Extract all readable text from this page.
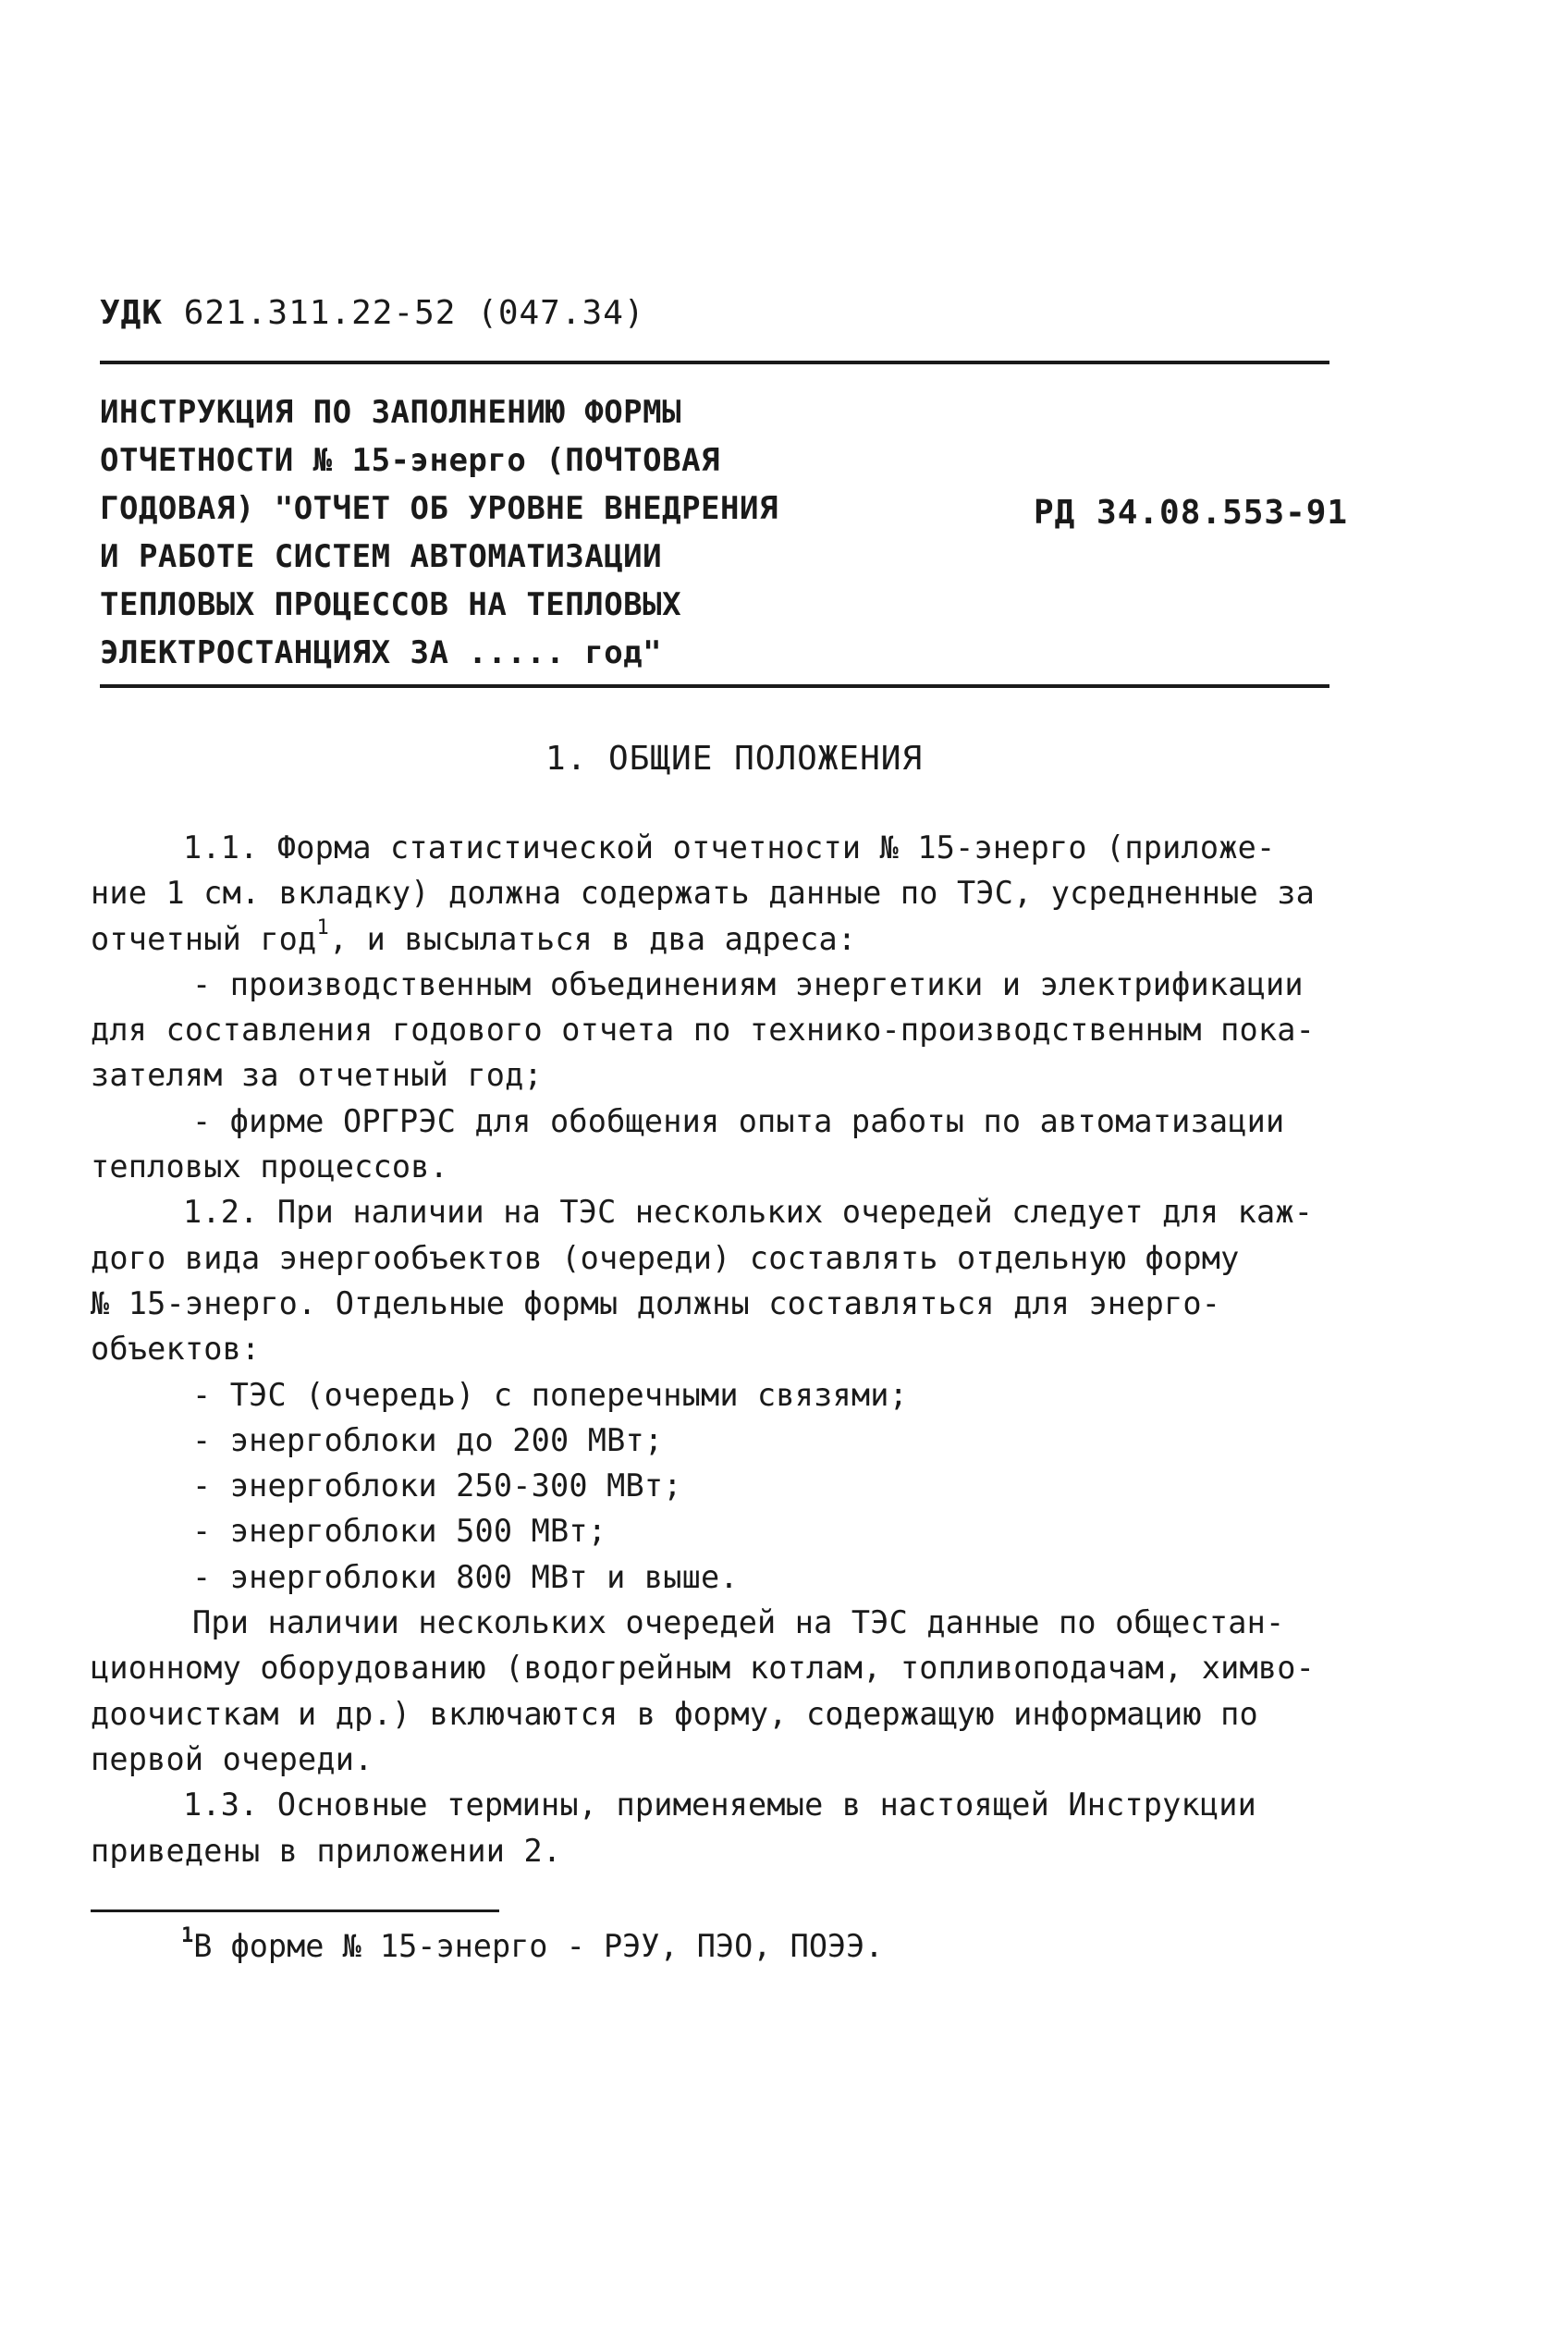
УДК 621.311.22-52 (047.34)
ИНСТРУКЦИЯ ПО ЗАПОЛНЕНИЮ ФОРМЫ
ОТЧЕТНОСТИ № 15-энерго (ПОЧТОВАЯ
ГОДОВАЯ) "ОТЧЕТ ОБ УРОВНЕ ВНЕДРЕНИЯ
И РАБОТЕ СИСТЕМ АВТОМАТИЗАЦИИ
ТЕПЛОВЫХ ПРОЦЕССОВ НА ТЕПЛОВЫХ
ЭЛЕКТРОСТАНЦИЯХ ЗА ..... год"
РД 34.08.553-91
1. ОБЩИЕ ПОЛОЖЕНИЯ
1.1. Форма статистической отчетности № 15-энерго (приложе-
ние 1 см. вкладку) должна содержать данные по ТЭС, усредненные за
отчетный год$^1$, и высылаться в два адреса:
- производственным объединениям энергетики и электрификации
для составления годового отчета по технико-производственным пока-
зателям за отчетный год;
- фирме ОРГРЭС для обобщения опыта работы по автоматизации
тепловых процессов.
1.2. При наличии на ТЭС нескольких очередей следует для каж-
дого вида энергообъектов (очереди) составлять отдельную форму
№ 15-энерго. Отдельные формы должны составляться для энерго-
объектов:
- ТЭС (очередь) с поперечными связями;
- энергоблоки до 200 МВт;
- энергоблоки 250-300 МВт;
- энергоблоки 500 МВт;
- энергоблоки 800 МВт и выше.
При наличии нескольких очередей на ТЭС данные по общестан-
ционному оборудованию (водогрейным котлам, топливоподачам, химво-
доочисткам и др.) включаются в форму, содержащую информацию по
первой очереди.
1.3. Основные термины, применяемые в настоящей Инструкции
приведены в приложении 2.
$^1$В форме № 15-энерго - РЭУ, ПЭО, ПОЭЭ.
